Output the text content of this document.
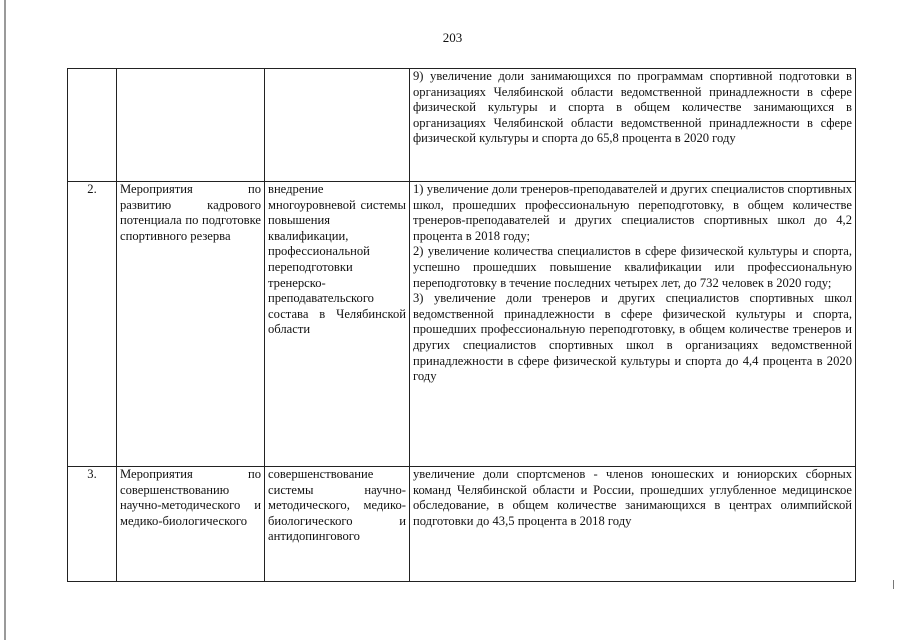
203

			9) увеличение доли занимающихся по программам спортивной подготовки в организациях Челябинской области ведомственной принадлежности в сфере физической культуры и спорта в общем количестве занимающихся в организациях Челябинской области ведомственной принадлежности в сфере физической культуры и спорта до 65,8 процента в 2020 году

2.	Мероприятия по развитию кадрового потенциала по подготовке спортивного резерва	внедрение многоуровневой системы повышения квалификации, профессиональной переподготовки тренерско-преподавательского состава в Челябинской области	1) увеличение доли тренеров-преподавателей и других специалистов спортивных школ, прошедших профессиональную переподготовку, в общем количестве тренеров-преподавателей и других специалистов спортивных школ до 4,2 процента в 2018 году;
2) увеличение количества специалистов в сфере физической культуры и спорта, успешно прошедших повышение квалификации или профессиональную переподготовку в течение последних четырех лет, до 732 человек в 2020 году;
3) увеличение доли тренеров и других специалистов спортивных школ ведомственной принадлежности в сфере физической культуры и спорта, прошедших профессиональную переподготовку, в общем количестве тренеров и других специалистов спортивных школ в организациях ведомственной принадлежности в сфере физической культуры и спорта до 4,4 процента в 2020 году

3.	Мероприятия по совершенствованию научно-методического и медико-биологического	совершенствование системы научно-методического, медико-биологического и антидопингового	увеличение доли спортсменов - членов юношеских и юниорских сборных команд Челябинской области и России, прошедших углубленное медицинское обследование, в общем количестве занимающихся в центрах олимпийской подготовки до 43,5 процента в 2018 году
